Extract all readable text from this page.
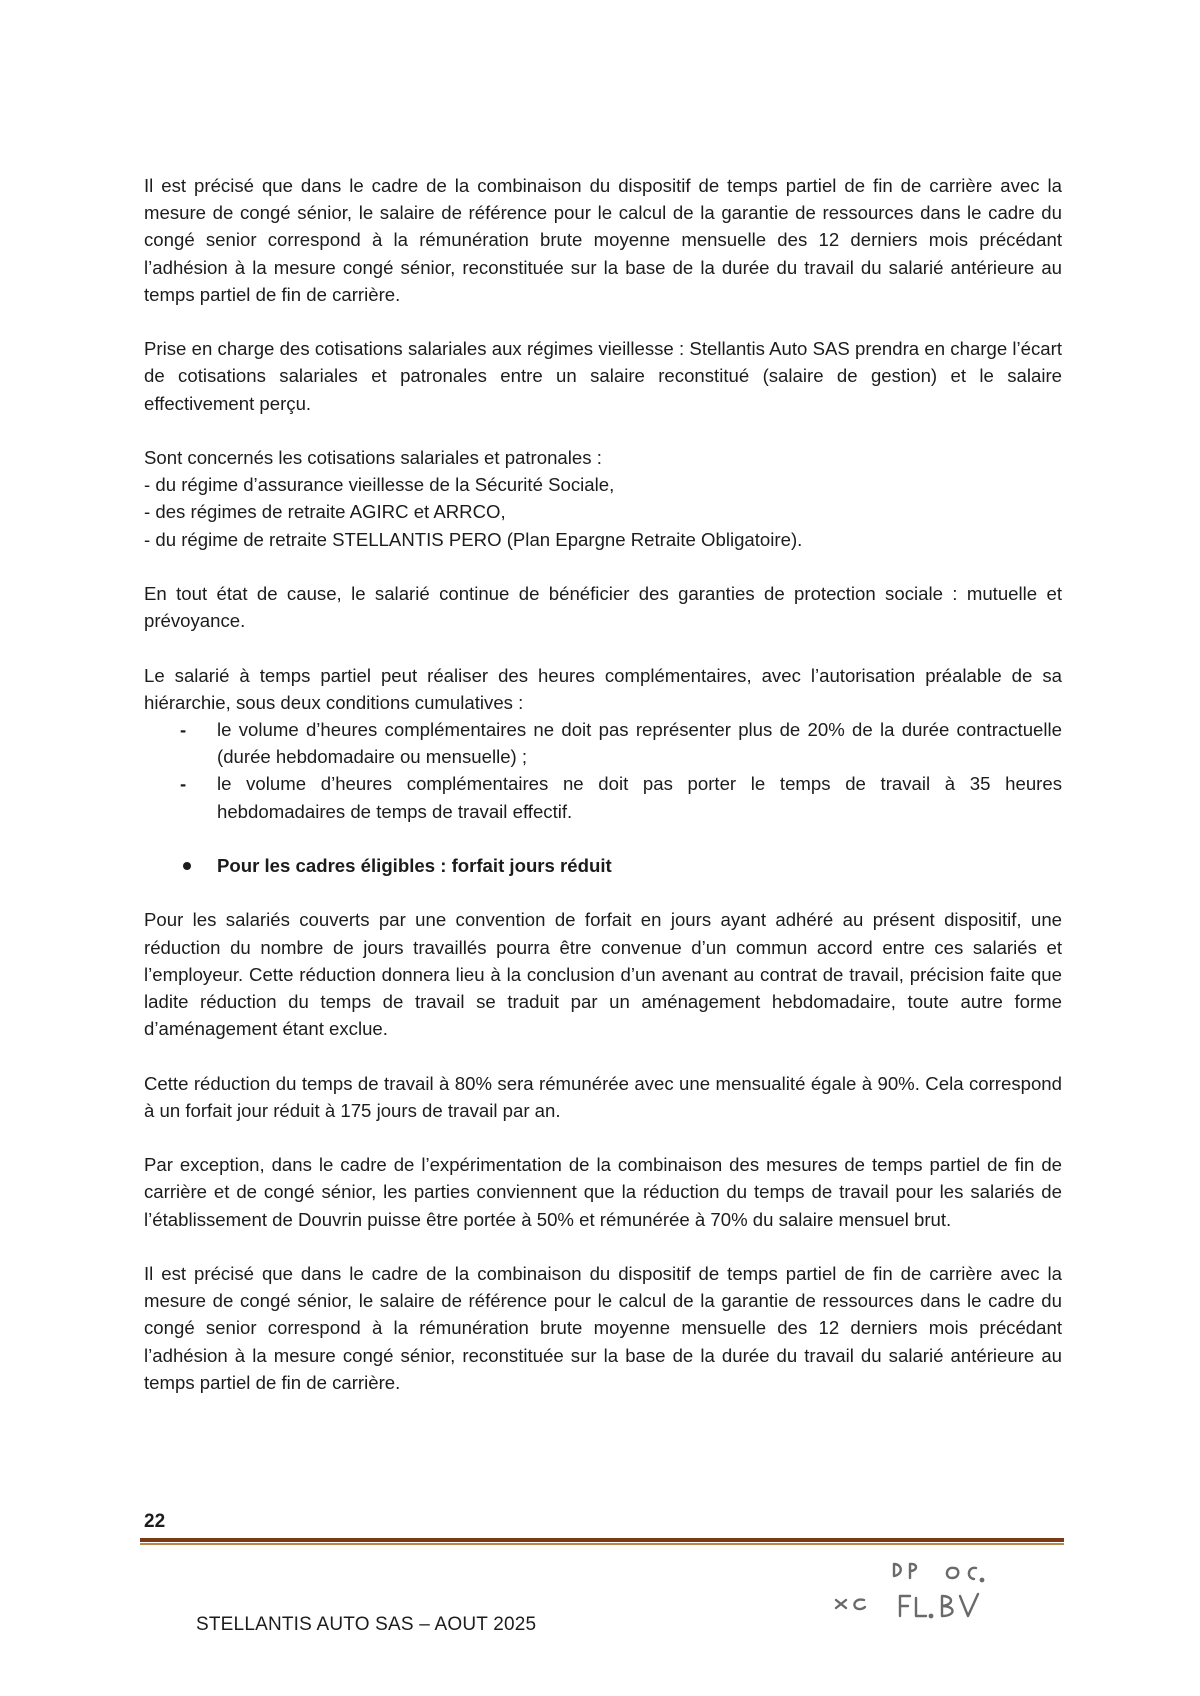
Il est précisé que dans le cadre de la combinaison du dispositif de temps partiel de fin de carrière avec la mesure de congé sénior, le salaire de référence pour le calcul de la garantie de ressources dans le cadre du congé senior correspond à la rémunération brute moyenne mensuelle des 12 derniers mois précédant l’adhésion à la mesure congé sénior, reconstituée sur la base de la durée du travail du salarié antérieure au temps partiel de fin de carrière.

Prise en charge des cotisations salariales aux régimes vieillesse : Stellantis Auto SAS prendra en charge l’écart de cotisations salariales et patronales entre un salaire reconstitué (salaire de gestion) et le salaire effectivement perçu.

Sont concernés les cotisations salariales et patronales :
- du régime d’assurance vieillesse de la Sécurité Sociale,
- des régimes de retraite AGIRC et ARRCO,
- du régime de retraite STELLANTIS PERO (Plan Epargne Retraite Obligatoire).

En tout état de cause, le salarié continue de bénéficier des garanties de protection sociale : mutuelle et prévoyance.

Le salarié à temps partiel peut réaliser des heures complémentaires, avec l’autorisation préalable de sa hiérarchie, sous deux conditions cumulatives :

- le volume d’heures complémentaires ne doit pas représenter plus de 20% de la durée contractuelle (durée hebdomadaire ou mensuelle) ;
- le volume d’heures complémentaires ne doit pas porter le temps de travail à 35 heures hebdomadaires de temps de travail effectif.
Pour les cadres éligibles : forfait jours réduit

Pour les salariés couverts par une convention de forfait en jours ayant adhéré au présent dispositif, une réduction du nombre de jours travaillés pourra être convenue d’un commun accord entre ces salariés et l’employeur. Cette réduction donnera lieu à la conclusion d’un avenant au contrat de travail, précision faite que ladite réduction du temps de travail se traduit par un aménagement hebdomadaire, toute autre forme d’aménagement étant exclue.

Cette réduction du temps de travail à 80% sera rémunérée avec une mensualité égale à 90%. Cela correspond à un forfait jour réduit à 175 jours de travail par an.

Par exception, dans le cadre de l’expérimentation de la combinaison des mesures de temps partiel de fin de carrière et de congé sénior, les parties conviennent que la réduction du temps de travail pour les salariés de l’établissement de Douvrin puisse être portée à 50% et rémunérée à 70% du salaire mensuel brut.

Il est précisé que dans le cadre de la combinaison du dispositif de temps partiel de fin de carrière avec la mesure de congé sénior, le salaire de référence pour le calcul de la garantie de ressources dans le cadre du congé senior correspond à la rémunération brute moyenne mensuelle des 12 derniers mois précédant l’adhésion à la mesure congé sénior, reconstituée sur la base de la durée du travail du salarié antérieure au temps partiel de fin de carrière.

22
STELLANTIS AUTO SAS – AOUT 2025
